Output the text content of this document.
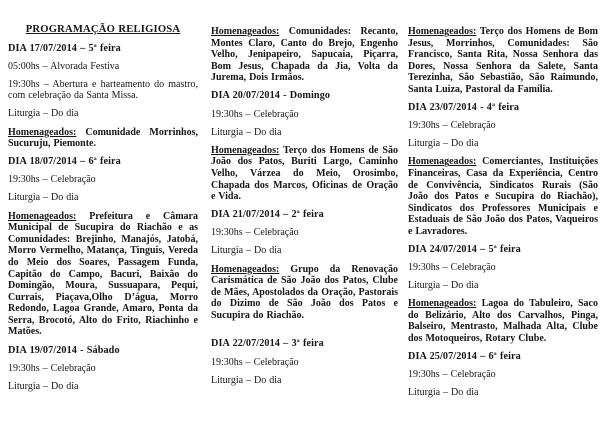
PROGRAMAÇÃO RELIGIOSA
DIA 17/07/2014 – 5ª feira
05:00hs – Alvorada Festiva
19:30hs – Abertura e harteamento do mastro, com celebração da Santa Missa.
Liturgia – Do dia
Homenageados: Comunidade Morrinhos, Sucuruju, Piemonte.
DIA 18/07/2014 – 6ª feira
19:30hs – Celebração
Liturgia – Do dia
Homenageados: Prefeitura e Câmara Municipal de Sucupira do Riachão e as Comunidades: Brejinho, Manajós, Jatobá, Morro Vermelho, Matança, Tinguis, Vereda do Meio dos Soares, Passagem Funda, Capitão do Campo, Bacuri, Baixão do Domingão, Moura, Sussuapara, Pequi, Currais, Piaçava,Olho D’água, Morro Redondo, Lagoa Grande, Amaro, Ponta da Serra, Brocotó, Alto do Frito, Riachinho e Matões.
DIA 19/07/2014 - Sábado
19:30hs – Celebração
Liturgia – Do dia
Homenageados: Comunidades: Recanto, Montes Claro, Canto do Brejo, Engenho Velho, Jenipapeiro, Sapucaia, Piçarra, Bom Jesus, Chapada da Jia, Volta da Jurema, Dois Irmãos.
DIA 20/07/2014 - Domingo
19:30hs – Celebração
Liturgia – Do dia
Homenageados: Terço dos Homens de São João dos Patos, Buriti Largo, Caminho Velho, Várzea do Meio, Orosimbo, Chapada dos Marcos, Oficinas de Oração e Vida.
DIA 21/07/2014 – 2ª feira
19:30hs – Celebração
Liturgia – Do dia
Homenageados: Grupo da Renovação Carismática de São João dos Patos, Clube de Mães, Apostolados da Oração, Pastorais do Dizimo de São João dos Patos e Sucupira do Riachão.
DIA 22/07/2014 – 3ª feira
19:30hs – Celebração
Liturgia – Do dia
Homenageados: Terço dos Homens de Bom Jesus, Morrinhos, Comunidades: São Francisco, Santa Rita, Nossa Senhora das Dores, Nossa Senhora da Salete, Santa Terezinha, São Sebastião, São Raimundo, Santa Luiza, Pastoral da Família.
DIA 23/07/2014 - 4ª feira
19:30hs – Celebração
Liturgia – Do dia
Homenageados: Comerciantes, Instituições Financeiras, Casa da Experiência, Centro de Convivência, Sindicatos Rurais (São João dos Patos e Sucupira do Riachão), Sindicatos dos Professores Municipais e Estaduais de São João dos Patos, Vaqueiros e Lavradores.
DIA 24/07/2014 – 5ª feira
19:30hs – Celebração
Liturgia – Do dia
Homenageados: Lagoa do Tabuleiro, Saco do Belizário, Alto dos Carvalhos, Pinga, Balseiro, Mentrasto, Malhada Alta, Clube dos Motoqueiros, Rotary Clube.
DIA 25/07/2014 – 6ª feira
19:30hs – Celebração
Liturgia – Do dia
